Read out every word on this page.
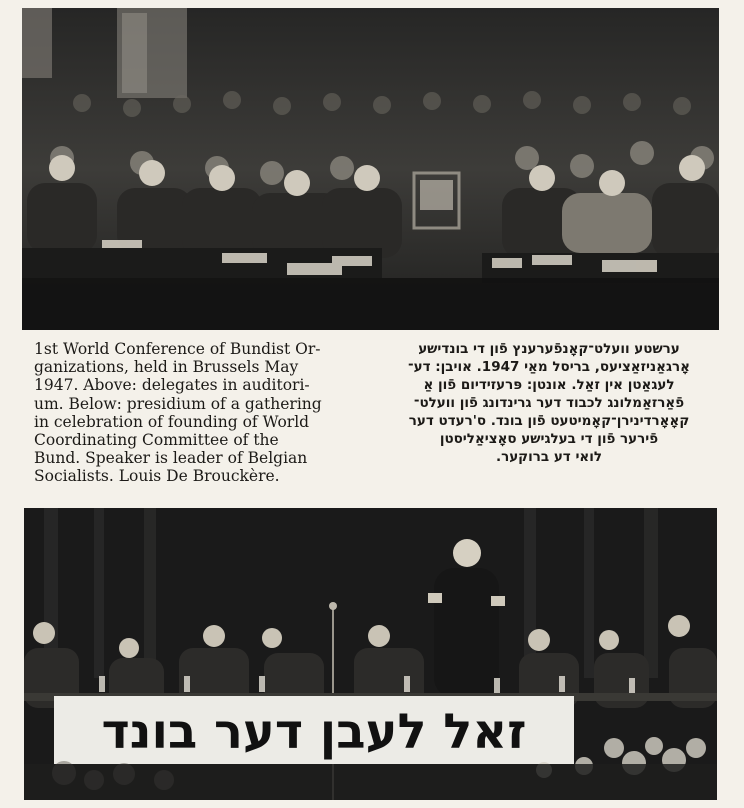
1st World Conference of Bundist Or-
ganizations, held in Brussels May
1947. Above: delegates in auditori-
um. Below: presidium of a gathering
in celebration of founding of World
Coordinating Committee of the
Bund. Speaker is leader of Belgian
Socialists. Louis De Brouckère.
ערשטע וועלט־קאָנפֿערענץ פֿון די בונדישע
אָרגאַניזאַציעס, בריסל מאַי 1947. אויבן: דע־
לעגאַטן אין זאַל. אונטן: פּרעזידיום פֿון אַ
פֿאַרזאַמלונג לכבוד דער גרינדונג פֿון וועלט־
קאָאָרדינירן־קאָמיטעט פֿון בונד. ס'רעדט דער
פֿירער פֿון די בעלגישע סאָציאַליסטן
לואי דע ברוקער.
זאל לעבן דער בונד
